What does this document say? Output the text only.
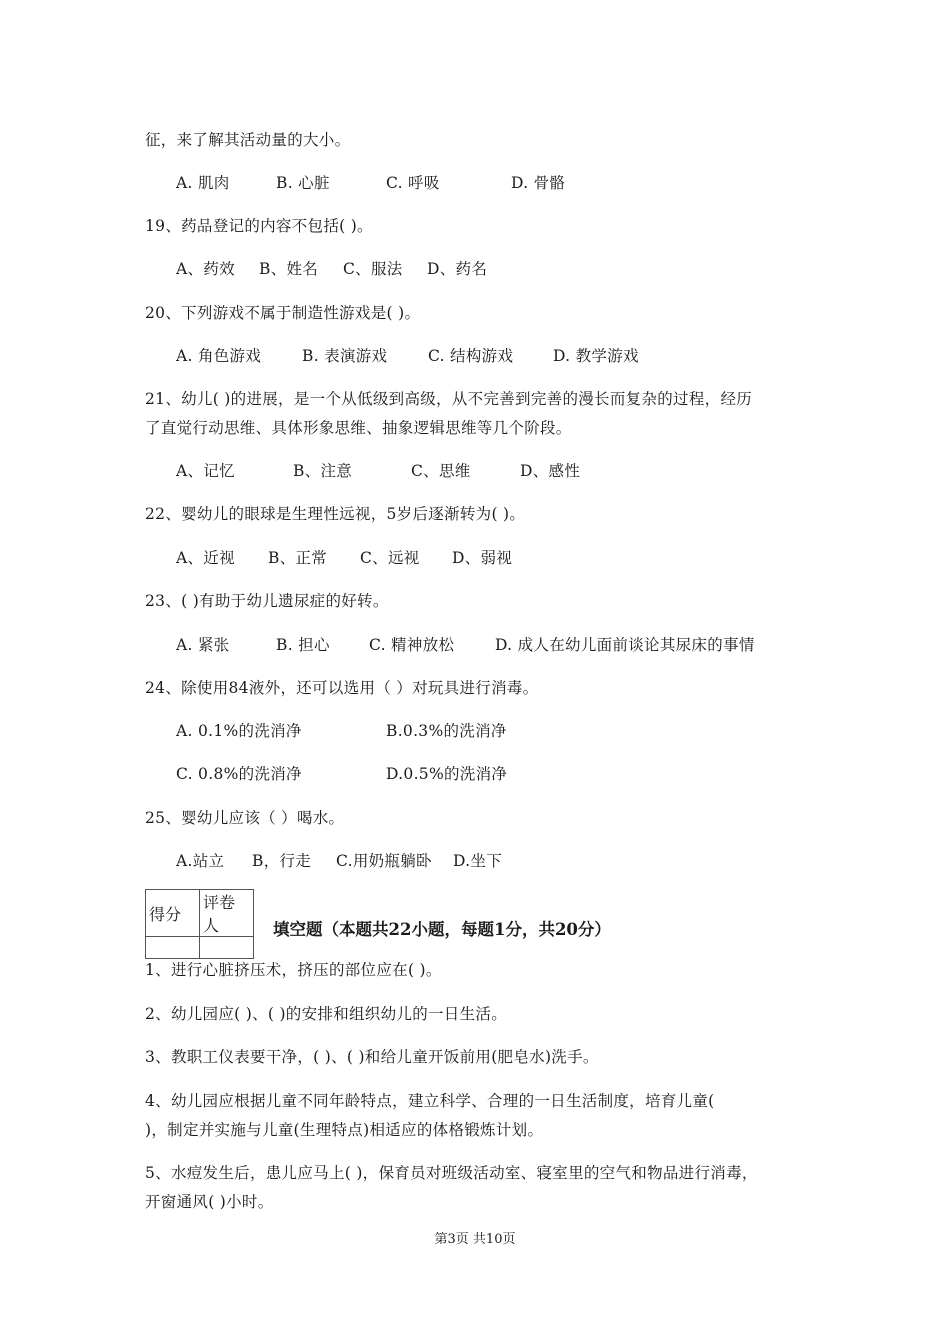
征，来了解其活动量的大小。
A. 肌肉	B. 心脏	C. 呼吸	D. 骨骼
19、药品登记的内容不包括( )。
A、药效 B、姓名 C、服法 D、药名
20、下列游戏不属于制造性游戏是( )。
A. 角色游戏	B. 表演游戏	C. 结构游戏	D. 教学游戏
21、幼儿( )的进展，是一个从低级到高级，从不完善到完善的漫长而复杂的过程，经历
了直觉行动思维、具体形象思维、抽象逻辑思维等几个阶段。
A、记忆	B、注意	C、思维	D、感性
22、婴幼儿的眼球是生理性远视，5岁后逐渐转为( )。
A、近视 B、正常 C、远视 D、弱视
23、( )有助于幼儿遗尿症的好转。
A. 紧张	B. 担心	C. 精神放松	D. 成人在幼儿面前谈论其尿床的事情
24、除使用84液外，还可以选用（ ）对玩具进行消毒。
A. 0.1%的洗消净	B.0.3%的洗消净
C. 0.8%的洗消净	D.0.5%的洗消净
25、婴幼儿应该（ ）喝水。
A.站立 B，行走 C.用奶瓶躺卧 D.坐下
得分	评卷人
		填空题（本题共22小题，每题1分，共20分）
1、进行心脏挤压术，挤压的部位应在( )。
2、幼儿园应( )、( )的安排和组织幼儿的一日生活。
3、教职工仪表要干净，( )、( )和给儿童开饭前用(肥皂水)洗手。
4、幼儿园应根据儿童不同年龄特点，建立科学、合理的一日生活制度，培育儿童(
)，制定并实施与儿童(生理特点)相适应的体格锻炼计划。
5、水痘发生后，患儿应马上( )，保育员对班级活动室、寝室里的空气和物品进行消毒，
开窗通风( )小时。
第3页 共10页
